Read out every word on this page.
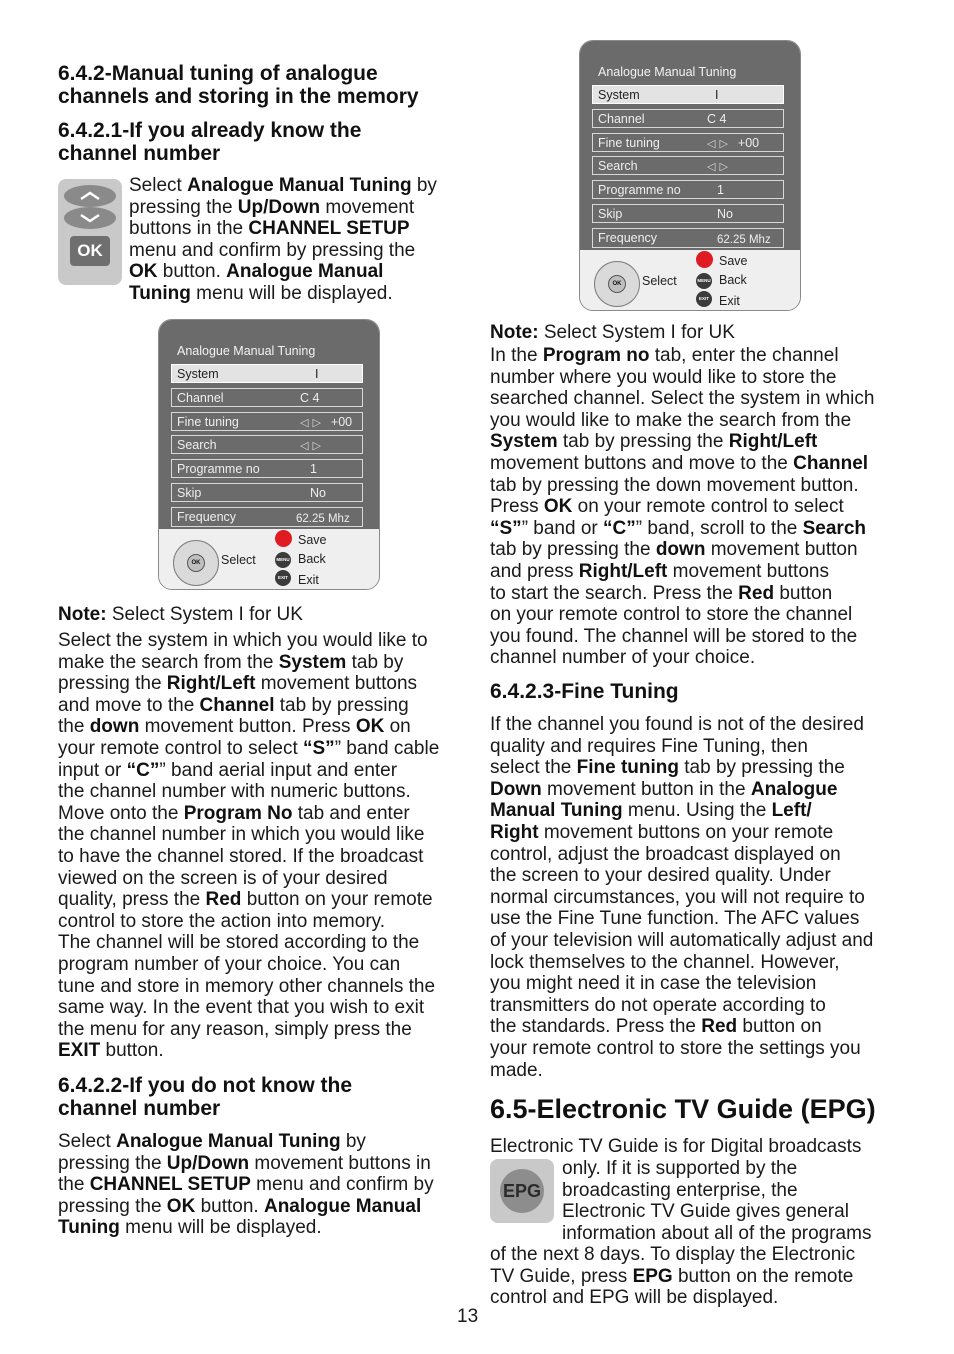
6.4.2-Manual tuning of analogue
channels and storing in the memory
6.4.2.1-If you already know the
channel number
OK
Select Analogue Manual Tuning by
pressing the Up/Down movement
buttons in the CHANNEL SETUP
menu and confirm by pressing the
OK button. Analogue Manual
Tuning menu will be displayed.
Analogue Manual Tuning
System	I
Channel	C 4
Fine tuning	◁▷ +00
Search	◁▷
Programme no	1
Skip	No
Frequency	62.25 Mhz
OK	Select
Save
MENU Back
EXIT Exit
Note: Select System I for UK
Select the system in which you would like to
make the search from the System tab by
pressing the Right/Left movement buttons
and move to the Channel tab by pressing
the down movement button. Press OK on
your remote control to select “S”” band cable
input or “C”” band aerial input and enter
the channel number with numeric buttons.
Move onto the Program No tab and enter
the channel number in which you would like
to have the channel stored. If the broadcast
viewed on the screen is of your desired
quality, press the Red button on your remote
control to store the action into memory.
The channel will be stored according to the
program number of your choice. You can
tune and store in memory other channels the
same way. In the event that you wish to exit
the menu for any reason, simply press the
EXIT button.
6.4.2.2-If you do not know the
channel number
Select Analogue Manual Tuning by
pressing the Up/Down movement buttons in
the CHANNEL SETUP menu and confirm by
pressing the OK button. Analogue Manual
Tuning menu will be displayed.
Analogue Manual Tuning
System	I
Channel	C 4
Fine tuning	◁▷ +00
Search	◁▷
Programme no	1
Skip	No
Frequency	62.25 Mhz
OK	Select
Save
MENU Back
EXIT Exit
Note: Select System I for UK
In the Program no tab, enter the channel
number where you would like to store the
searched channel. Select the system in which
you would like to make the search from the
System tab by pressing the Right/Left
movement buttons and move to the Channel
tab by pressing the down movement button.
Press OK on your remote control to select
“S”” band or “C”” band, scroll to the Search
tab by pressing the down movement button
and press Right/Left movement buttons
to start the search. Press the Red button
on your remote control to store the channel
you found. The channel will be stored to the
channel number of your choice.
6.4.2.3-Fine Tuning
If the channel you found is not of the desired
quality and requires Fine Tuning, then
select the Fine tuning tab by pressing the
Down movement button in the Analogue
Manual Tuning menu. Using the Left/
Right movement buttons on your remote
control, adjust the broadcast displayed on
the screen to your desired quality. Under
normal circumstances, you will not require to
use the Fine Tune function. The AFC values
of your television will automatically adjust and
lock themselves to the channel. However,
you might need it in case the television
transmitters do not operate according to
the standards. Press the Red button on
your remote control to store the settings you
made.
6.5-Electronic TV Guide (EPG)
Electronic TV Guide is for Digital broadcasts
EPG
only. If it is supported by the
broadcasting enterprise, the
Electronic TV Guide gives general
information about all of the programs
of the next 8 days. To display the Electronic
TV Guide, press EPG button on the remote
control and EPG will be displayed.
13
